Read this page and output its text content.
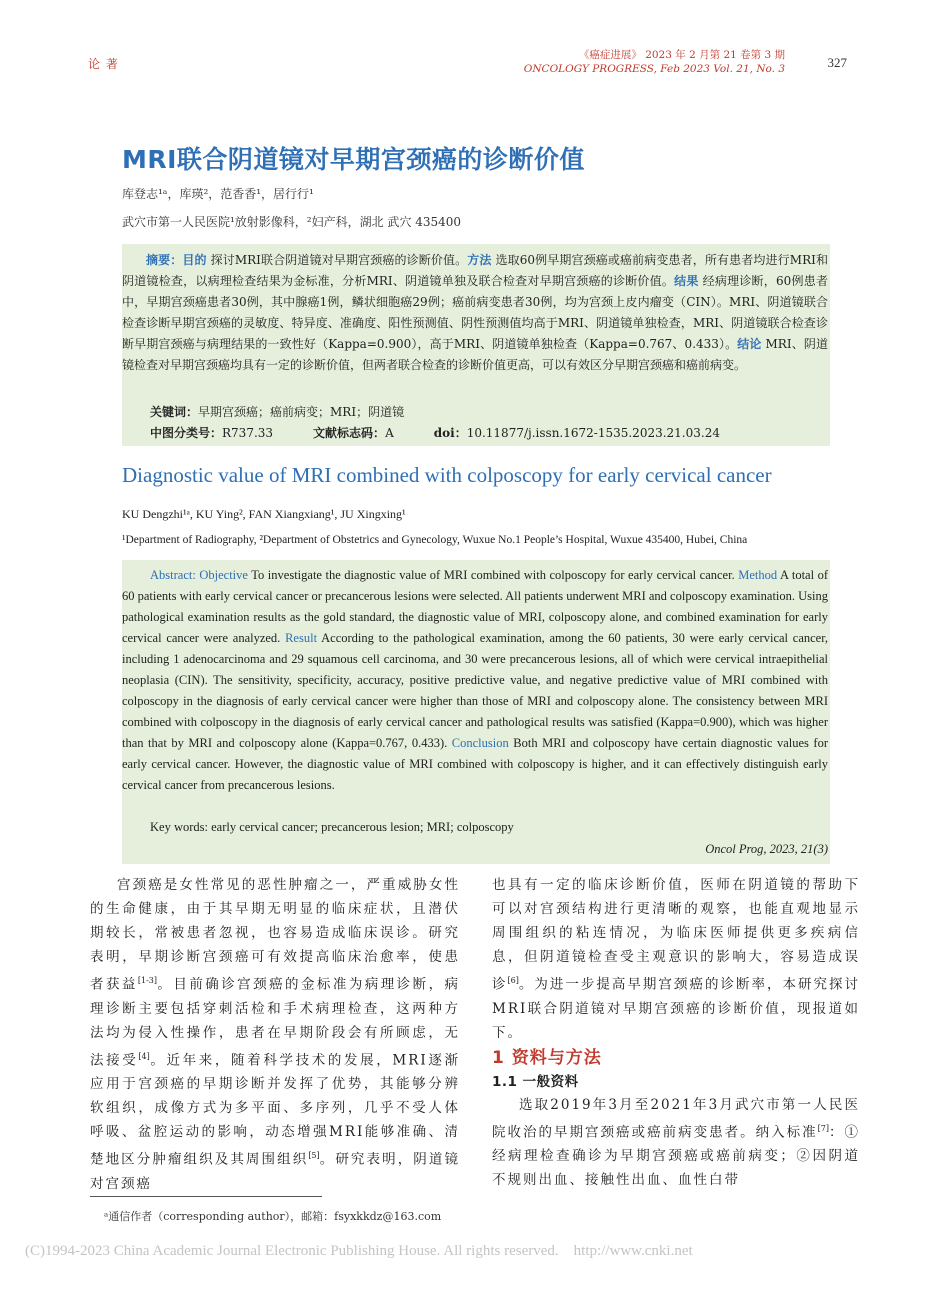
论 著
《癌症进展》 2023 年 2 月第 21 卷第 3 期
ONCOLOGY PROGRESS, Feb 2023 Vol. 21, No. 3	327
MRI联合阴道镜对早期宫颈癌的诊断价值
库登志¹ᵃ，库瑛²，范香香¹，居行行¹
武穴市第一人民医院¹放射影像科，²妇产科，湖北 武穴 435400

摘要：目的 探讨MRI联合阴道镜对早期宫颈癌的诊断价值。方法 选取60例早期宫颈癌或癌前病变患者，所有患者均进行MRI和阴道镜检查，以病理检查结果为金标准，分析MRI、阴道镜单独及联合检查对早期宫颈癌的诊断价值。结果 经病理诊断，60例患者中，早期宫颈癌患者30例，其中腺癌1例，鳞状细胞癌29例；癌前病变患者30例，均为宫颈上皮内瘤变（CIN）。MRI、阴道镜联合检查诊断早期宫颈癌的灵敏度、特异度、准确度、阳性预测值、阴性预测值均高于MRI、阴道镜单独检查，MRI、阴道镜联合检查诊断早期宫颈癌与病理结果的一致性好（Kappa=0.900），高于MRI、阴道镜单独检查（Kappa=0.767、0.433）。结论 MRI、阴道镜检查对早期宫颈癌均具有一定的诊断价值，但两者联合检查的诊断价值更高，可以有效区分早期宫颈癌和癌前病变。

关键词：早期宫颈癌；癌前病变；MRI；阴道镜
中图分类号：R737.33	文献标志码：A	doi：10.11877/j.issn.1672-1535.2023.21.03.24
Diagnostic value of MRI combined with colposcopy for early cervical cancer
KU Dengzhi¹ᵃ, KU Ying², FAN Xiangxiang¹, JU Xingxing¹
¹Department of Radiography, ²Department of Obstetrics and Gynecology, Wuxue No.1 People’s Hospital, Wuxue 435400, Hubei, China

Abstract: Objective To investigate the diagnostic value of MRI combined with colposcopy for early cervical cancer. Method A total of 60 patients with early cervical cancer or precancerous lesions were selected. All patients underwent MRI and colposcopy examination. Using pathological examination results as the gold standard, the diagnostic value of MRI, colposcopy alone, and combined examination for early cervical cancer were analyzed. Result According to the pathological examination, among the 60 patients, 30 were early cervical cancer, including 1 adenocarcinoma and 29 squamous cell carcinoma, and 30 were precancerous lesions, all of which were cervical intraepithelial neoplasia (CIN). The sensitivity, specificity, accuracy, positive predictive value, and negative predictive value of MRI combined with colposcopy in the diagnosis of early cervical cancer were higher than those of MRI and colposcopy alone. The consistency between MRI combined with colposcopy in the diagnosis of early cervical cancer and pathological results was satisfied (Kappa=0.900), which was higher than that by MRI and colposcopy alone (Kappa=0.767, 0.433). Conclusion Both MRI and colposcopy have certain diagnostic values for early cervical cancer. However, the diagnostic value of MRI combined with colposcopy is higher, and it can effectively distinguish early cervical cancer from precancerous lesions.

Key words: early cervical cancer; precancerous lesion; MRI; colposcopy
Oncol Prog, 2023, 21(3)

宫颈癌是女性常见的恶性肿瘤之一，严重威胁女性的生命健康，由于其早期无明显的临床症状，且潜伏期较长，常被患者忽视，也容易造成临床误诊。研究表明，早期诊断宫颈癌可有效提高临床治愈率，使患者获益[1-3]。目前确诊宫颈癌的金标准为病理诊断，病理诊断主要包括穿刺活检和手术病理检查，这两种方法均为侵入性操作，患者在早期阶段会有所顾虑，无法接受[4]。近年来，随着科学技术的发展，MRI逐渐应用于宫颈癌的早期诊断并发挥了优势，其能够分辨软组织，成像方式为多平面、多序列，几乎不受人体呼吸、盆腔运动的影响，动态增强MRI能够准确、清楚地区分肿瘤组织及其周围组织[5]。研究表明，阴道镜对宫颈癌

也具有一定的临床诊断价值，医师在阴道镜的帮助下可以对宫颈结构进行更清晰的观察，也能直观地显示周围组织的粘连情况，为临床医师提供更多疾病信息，但阴道镜检查受主观意识的影响大，容易造成误诊[6]。为进一步提高早期宫颈癌的诊断率，本研究探讨MRI联合阴道镜对早期宫颈癌的诊断价值，现报道如下。

1 资料与方法
1.1 一般资料

选取2019年3月至2021年3月武穴市第一人民医院收治的早期宫颈癌或癌前病变患者。纳入标准[7]：①经病理检查确诊为早期宫颈癌或癌前病变；②因阴道不规则出血、接触性出血、血性白带

ᵃ通信作者（corresponding author），邮箱：fsyxkkdz@163.com
(C)1994-2023 China Academic Journal Electronic Publishing House. All rights reserved. http://www.cnki.net
